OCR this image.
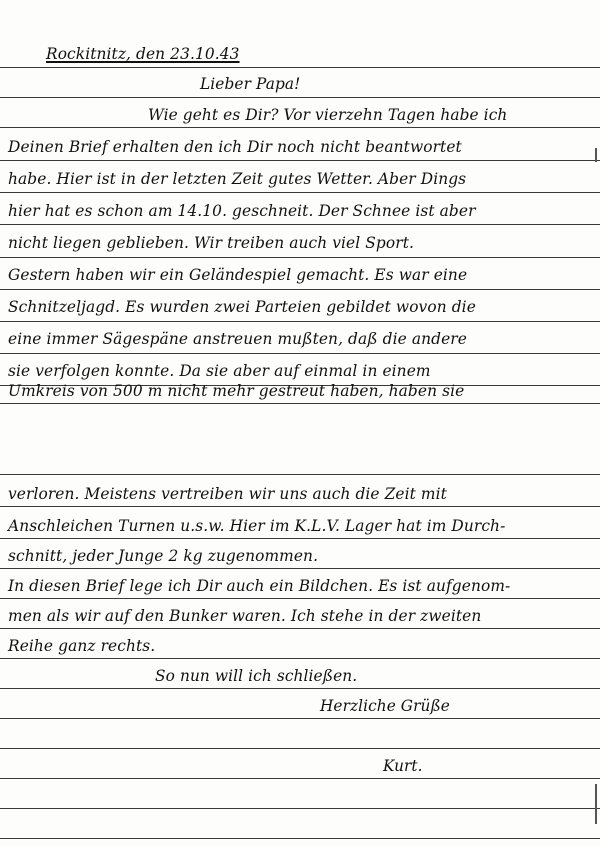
Rockitnitz, den 23.10.43
Lieber Papa!
Wie geht es Dir? Vor vierzehn Tagen habe ich
Deinen Brief erhalten den ich Dir noch nicht beantwortet
habe. Hier ist in der letzten Zeit gutes Wetter. Aber Dings
hier hat es schon am 14.10. geschneit. Der Schnee ist aber
nicht liegen geblieben. Wir treiben auch viel Sport.
Gestern haben wir ein Geländespiel gemacht. Es war eine
Schnitzeljagd. Es wurden zwei Parteien gebildet wovon die
eine immer Sägespäne anstreuen mußten, daß die andere
sie verfolgen konnte. Da sie aber auf einmal in einem
Umkreis von 500 m nicht mehr gestreut haben, haben sie
verloren. Meistens vertreiben wir uns auch die Zeit mit
Anschleichen Turnen u.s.w. Hier im K.L.V. Lager hat im Durch-
schnitt, jeder Junge 2 kg zugenommen.
In diesen Brief lege ich Dir auch ein Bildchen. Es ist aufgenom-
men als wir auf den Bunker waren. Ich stehe in der zweiten
Reihe ganz rechts.
So nun will ich schließen.
Herzliche Grüße
Kurt.
